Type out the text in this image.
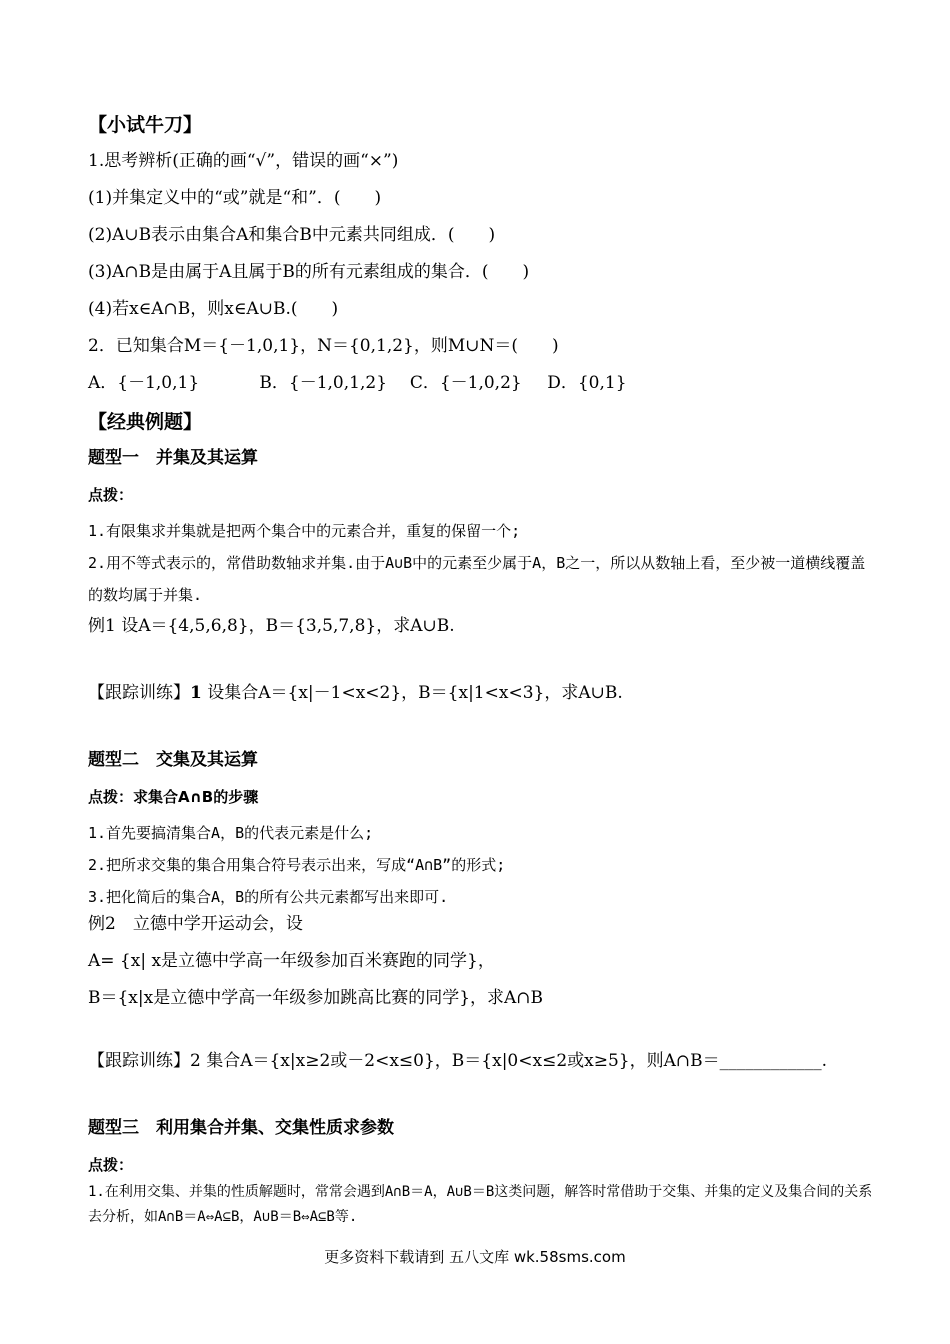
【小试牛刀】
1.思考辨析(正确的画“√”，错误的画“×”)
(1)并集定义中的“或”就是“和”．(　　)
(2)A∪B表示由集合A和集合B中元素共同组成．(　　)
(3)A∩B是由属于A且属于B的所有元素组成的集合．(　　)
(4)若x∈A∩B，则x∈A∪B.(　　)
2．已知集合M＝{－1,0,1}，N＝{0,1,2}，则M∪N＝(　　)
A．{－1,0,1}	B．{－1,0,1,2} C．{－1,0,2} D．{0,1}
【经典例题】
题型一　并集及其运算
点拨：
1.有限集求并集就是把两个集合中的元素合并，重复的保留一个;
2.用不等式表示的，常借助数轴求并集.由于A∪B中的元素至少属于A，B之一，所以从数轴上看，至少被一道横线覆盖的数均属于并集.
例1 设A＝{4,5,6,8}，B＝{3,5,7,8}，求A∪B.
【跟踪训练】1 设集合A＝{x|－1<x<2}，B＝{x|1<x<3}，求A∪B.
题型二　交集及其运算
点拨：求集合A∩B的步骤
1.首先要搞清集合A，B的代表元素是什么;
2.把所求交集的集合用集合符号表示出来，写成“A∩B”的形式;
3.把化简后的集合A，B的所有公共元素都写出来即可.
例2　立德中学开运动会，设
A= {x| x是立德中学高一年级参加百米赛跑的同学}，
B＝{x|x是立德中学高一年级参加跳高比赛的同学}，求A∩B
【跟踪训练】2 集合A＝{x|x≥2或－2<x≤0}，B＝{x|0<x≤2或x≥5}，则A∩B＝____________.
题型三　利用集合并集、交集性质求参数
点拨：
1.在利用交集、并集的性质解题时，常常会遇到A∩B＝A，A∪B＝B这类问题，解答时常借助于交集、并集的定义及集合间的关系去分析，如A∩B＝A⇔A⊆B，A∪B＝B⇔A⊆B等.
更多资料下载请到 五八文库 wk.58sms.com
